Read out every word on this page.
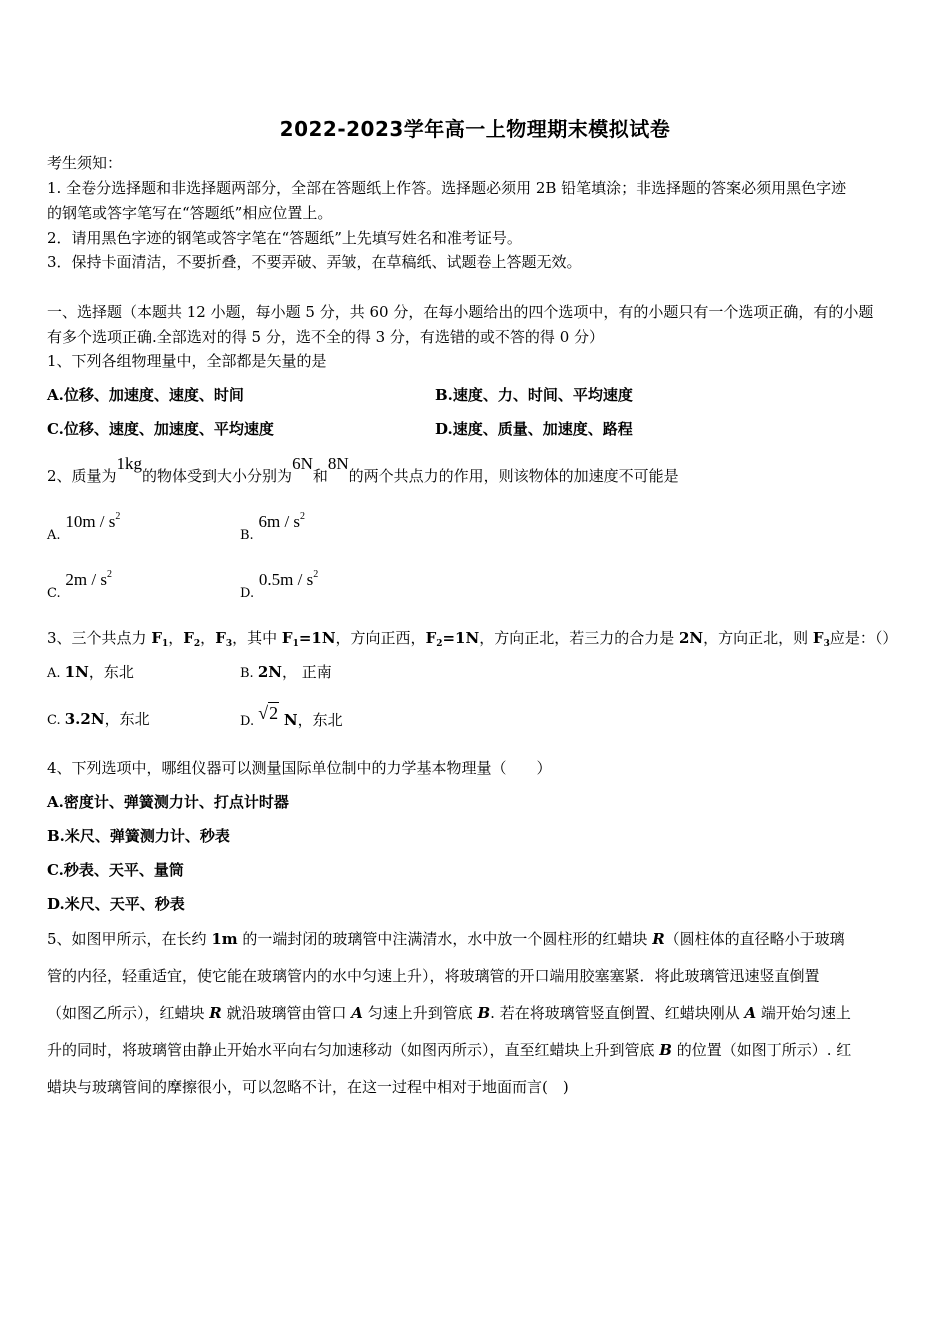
2022-2023学年高一上物理期末模拟试卷
考生须知：
1. 全卷分选择题和非选择题两部分，全部在答题纸上作答。选择题必须用 2B 铅笔填涂；非选择题的答案必须用黑色字迹
的钢笔或答字笔写在“答题纸”相应位置上。
2．请用黑色字迹的钢笔或答字笔在“答题纸”上先填写姓名和准考证号。
3．保持卡面清洁，不要折叠，不要弄破、弄皱，在草稿纸、试题卷上答题无效。
一、选择题（本题共 12 小题，每小题 5 分，共 60 分，在每小题给出的四个选项中，有的小题只有一个选项正确，有的小题
有多个选项正确.全部选对的得 5 分，选不全的得 3 分，有选错的或不答的得 0 分）
1、下列各组物理量中，全部都是矢量的是
A.位移、加速度、速度、时间	B.速度、力、时间、平均速度
C.位移、速度、加速度、平均速度	D.速度、质量、加速度、路程
2、质量为1kg的物体受到大小分别为6N和8N的两个共点力的作用，则该物体的加速度不可能是
A. $10m / s^2$
B. $6m / s^2$
C. $2m / s^2$
D. $0.5m / s^2$
3、三个共点力 $F_1$，$F_2$，$F_3$，其中 $F_1=1N$，方向正西，$F_2=1N$，方向正北，若三力的合力是 2N，方向正北，则 $F_3$应是：（）
A. 1N，东北	B. 2N， 正南
C. 3.2N，东北	D. √2 N，东北
4、下列选项中，哪组仪器可以测量国际单位制中的力学基本物理量（　　）
A.密度计、弹簧测力计、打点计时器
B.米尺、弹簧测力计、秒表
C.秒表、天平、量筒
D.米尺、天平、秒表
5、如图甲所示，在长约 1m 的一端封闭的玻璃管中注满清水，水中放一个圆柱形的红蜡块 R（圆柱体的直径略小于玻璃
管的内径，轻重适宜，使它能在玻璃管内的水中匀速上升），将玻璃管的开口端用胶塞塞紧．将此玻璃管迅速竖直倒置
（如图乙所示），红蜡块 R 就沿玻璃管由管口 A 匀速上升到管底 B. 若在将玻璃管竖直倒置、红蜡块刚从 A 端开始匀速上
升的同时，将玻璃管由静止开始水平向右匀加速移动（如图丙所示），直至红蜡块上升到管底 B 的位置（如图丁所示）. 红
蜡块与玻璃管间的摩擦很小，可以忽略不计，在这一过程中相对于地面而言(　)
